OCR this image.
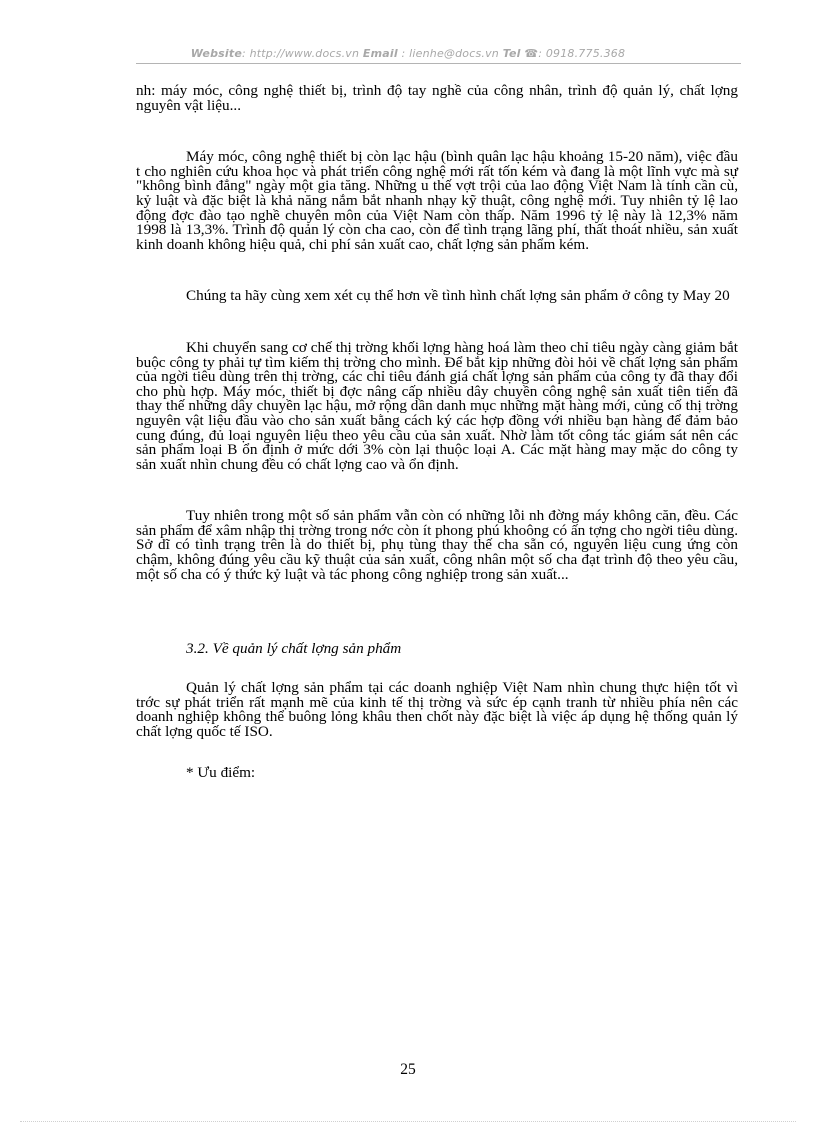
Website: http://www.docs.vn Email : lienhe@docs.vn Tel ☎: 0918.775.368

nh: máy móc, công nghệ thiết bị, trình độ tay nghề của công nhân, trình độ quản lý, chất lợng nguyên vật liệu...

Máy móc, công nghệ thiết bị còn lạc hậu (bình quân lạc hậu khoảng 15-20 năm), việc đầu t cho nghiên cứu khoa học và phát triển công nghệ mới rất tốn kém và đang là một lĩnh vực mà sự "không bình đẳng" ngày một gia tăng. Những u thế vợt trội của lao động Việt Nam là tính cần cù, kỷ luật và đặc biệt là khả năng nắm bắt nhanh nhạy kỹ thuật, công nghệ mới. Tuy nhiên tỷ lệ lao động đợc đào tạo nghề chuyên môn của Việt Nam còn thấp. Năm 1996 tỷ lệ này là 12,3% năm 1998 là 13,3%. Trình độ quản lý còn cha cao, còn để tình trạng lãng phí, thất thoát nhiều, sản xuất kinh doanh không hiệu quả, chi phí sản xuất cao, chất lợng sản phẩm kém.

Chúng ta hãy cùng xem xét cụ thể hơn về tình hình chất lợng sản phẩm ở công ty May 20

Khi chuyển sang cơ chế thị trờng khối lợng hàng hoá làm theo chỉ tiêu ngày càng giảm bắt buộc công ty phải tự tìm kiếm thị trờng cho mình. Để bắt kịp những đòi hỏi về chất lợng sản phẩm của ngời tiêu dùng trên thị trờng, các chỉ tiêu đánh giá chất lợng sản phẩm của công ty đã thay đổi cho phù hợp. Máy móc, thiết bị đợc nâng cấp nhiều dây chuyền công nghệ sản xuất tiên tiến đã thay thế những dây chuyền lạc hậu, mở rộng dần danh mục những mặt hàng mới, củng cố thị trờng nguyên vật liệu đầu vào cho sản xuất bằng cách ký các hợp đồng với nhiều bạn hàng để đảm bảo cung đúng, đủ loại nguyên liệu theo yêu cầu của sản xuất. Nhờ làm tốt công tác giám sát nên các sản phẩm loại B ổn định ở mức dới 3% còn lại thuộc loại A. Các mặt hàng may mặc do công ty sản xuất nhìn chung đều có chất lợng cao và ổn định.

Tuy nhiên trong một số sản phẩm vẫn còn có những lỗi nh đờng máy không căn, đều. Các sản phẩm để xâm nhập thị trờng trong nớc còn ít phong phú khoông có ấn tợng cho ngời tiêu dùng. Sở dĩ có tình trạng trên là do thiết bị, phụ tùng thay thế cha sẵn có, nguyên liệu cung ứng còn chậm, không đúng yêu cầu kỹ thuật của sản xuất, công nhân một số cha đạt trình độ theo yêu cầu, một số cha có ý thức kỷ luật và tác phong công nghiệp trong sản xuất...

3.2. Về quản lý chất lợng sản phẩm

Quản lý chất lợng sản phẩm tại các doanh nghiệp Việt Nam nhìn chung thực hiện tốt vì trớc sự phát triển rất mạnh mẽ của kinh tế thị trờng và sức ép cạnh tranh từ nhiều phía nên các doanh nghiệp không thể buông lỏng khâu then chốt này đặc biệt là việc áp dụng hệ thống quản lý chất lợng quốc tế ISO.

* Ưu điểm:

25
